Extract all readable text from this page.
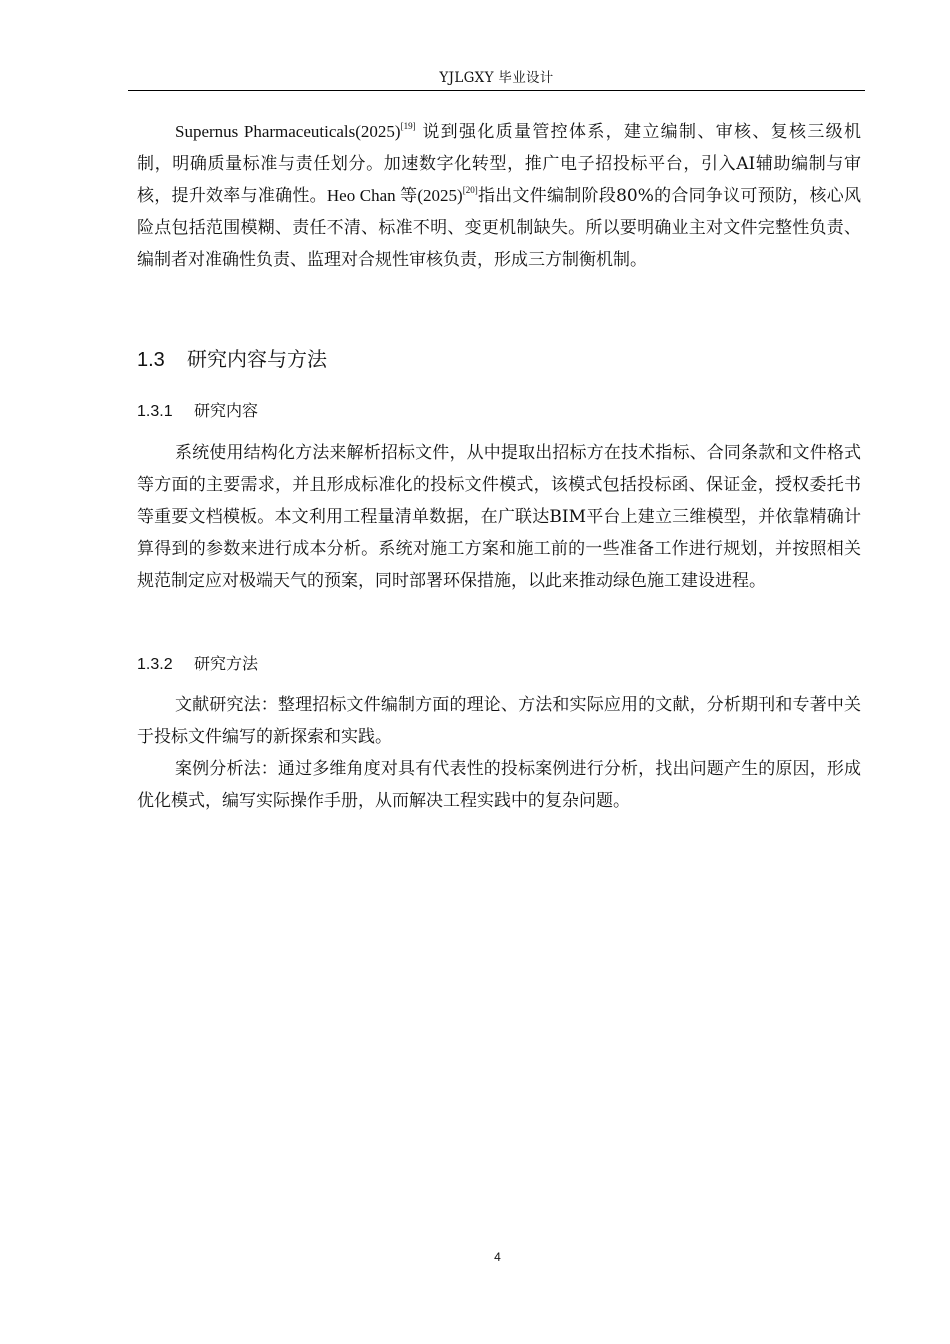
YJLGXY 毕业设计

Supernus Pharmaceuticals(2025)[19] 说到强化质量管控体系，建立编制、审核、复核三级机制，明确质量标准与责任划分。加速数字化转型，推广电子招投标平台，引入AI辅助编制与审核，提升效率与准确性。Heo Chan 等(2025)[20]指出文件编制阶段80%的合同争议可预防，核心风险点包括范围模糊、责任不清、标准不明、变更机制缺失。所以要明确业主对文件完整性负责、编制者对准确性负责、监理对合规性审核负责，形成三方制衡机制。

1.3 研究内容与方法
1.3.1 研究内容

系统使用结构化方法来解析招标文件，从中提取出招标方在技术指标、合同条款和文件格式等方面的主要需求，并且形成标准化的投标文件模式，该模式包括投标函、保证金，授权委托书等重要文档模板。本文利用工程量清单数据，在广联达BIM平台上建立三维模型，并依靠精确计算得到的参数来进行成本分析。系统对施工方案和施工前的一些准备工作进行规划，并按照相关规范制定应对极端天气的预案，同时部署环保措施，以此来推动绿色施工建设进程。

1.3.2 研究方法

文献研究法：整理招标文件编制方面的理论、方法和实际应用的文献，分析期刊和专著中关于投标文件编写的新探索和实践。

案例分析法：通过多维角度对具有代表性的投标案例进行分析，找出问题产生的原因，形成优化模式，编写实际操作手册，从而解决工程实践中的复杂问题。

4
